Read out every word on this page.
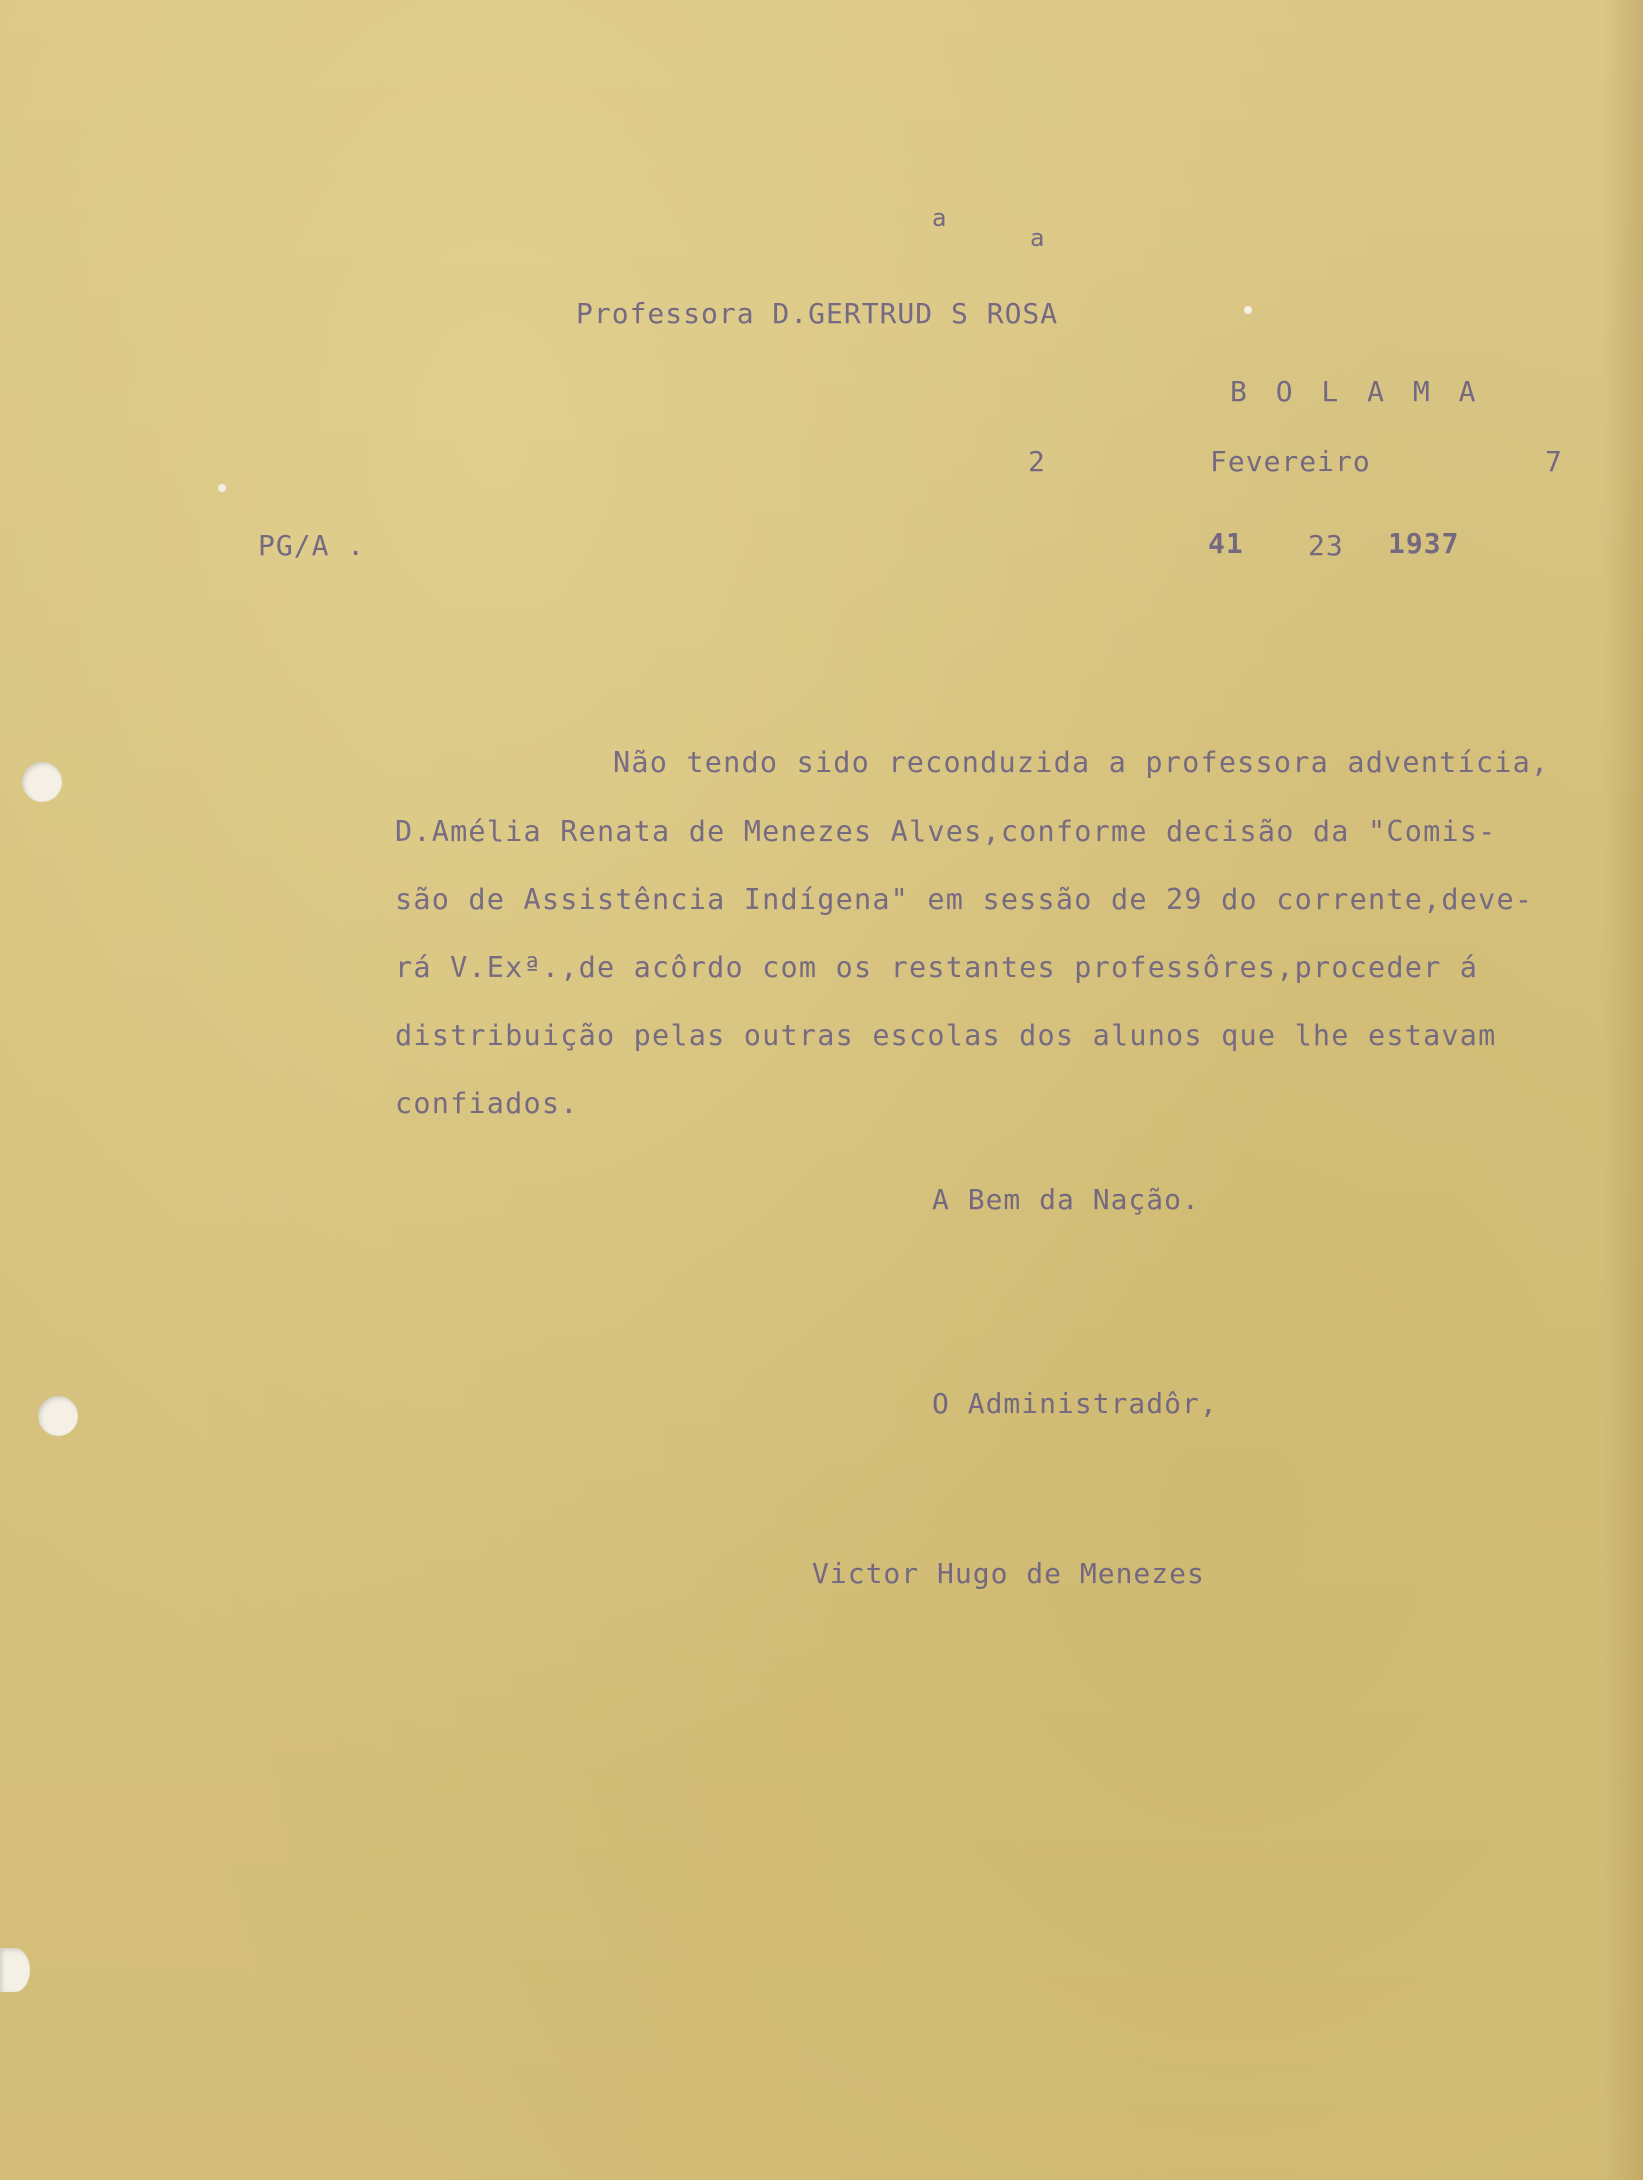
a
a
Professora D.GERTRUD S ROSA
B O L A M A
2	Fevereiro	7
PG/A .	41 23 1937
Não tendo sido reconduzida a professora adventícia,
D.Amélia Renata de Menezes Alves,conforme decisão da "Comis-
são de Assistência Indígena" em sessão de 29 do corrente,deve-
rá V.Exª.,de acôrdo com os restantes professôres,proceder á
distribuição pelas outras escolas dos alunos que lhe estavam
confiados.
A Bem da Nação.
O Administradôr,
Victor Hugo de Menezes
